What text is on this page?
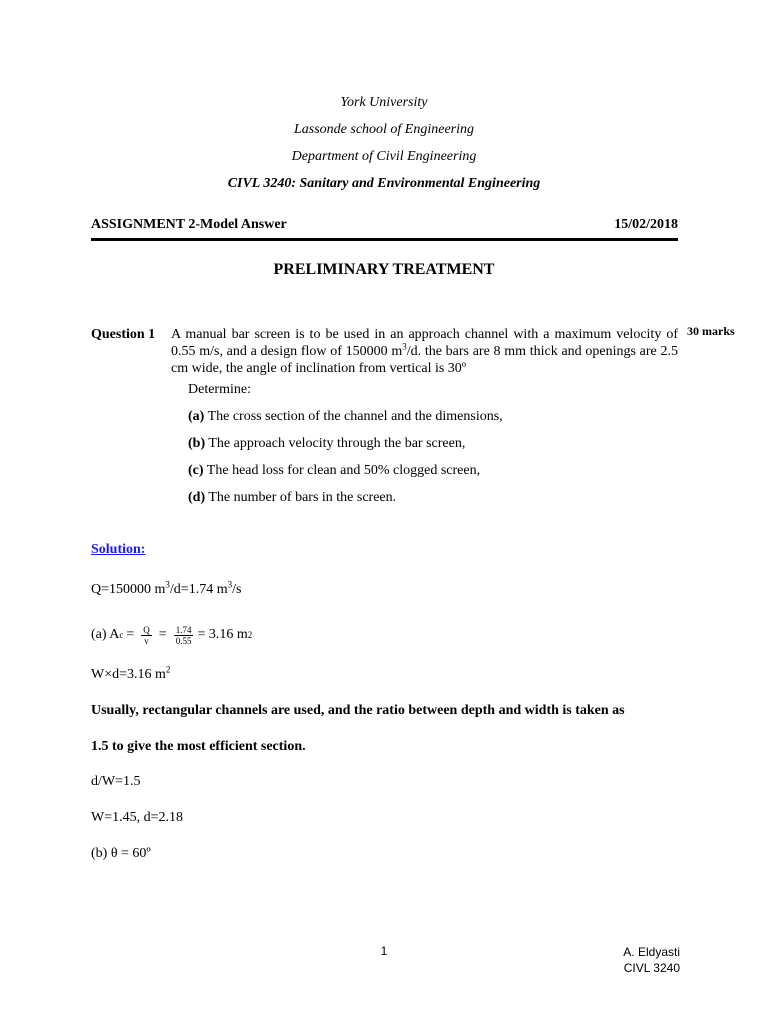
York University
Lassonde school of Engineering
Department of Civil Engineering
CIVL 3240: Sanitary and Environmental Engineering
ASSIGNMENT 2-Model Answer	15/02/2018
PRELIMINARY TREATMENT
Question 1 A manual bar screen is to be used in an approach channel with a maximum velocity of 0.55 m/s, and a design flow of 150000 $m^3/d$. the bars are 8 mm thick and openings are 2.5 cm wide, the angle of inclination from vertical is 30º
30 marks
Determine:
(a) The cross section of the channel and the dimensions,
(b) The approach velocity through the bar screen,
(c) The head loss for clean and 50% clogged screen,
(d) The number of bars in the screen.
Solution:
Q=150000 $m^3/d=1.74$ $m^3/s$
(a) A $c = \frac{Q}{v} = \frac{1.74}{0.55} = 3.16$ m 2
W×d=3.16 $m^2$
Usually, rectangular channels are used, and the ratio between depth and width is taken as
1.5 to give the most efficient section.
d/W=1.5
W=1.45, d=2.18
(b) θ = 60º
1	A. Eldyasti
CIVL 3240
